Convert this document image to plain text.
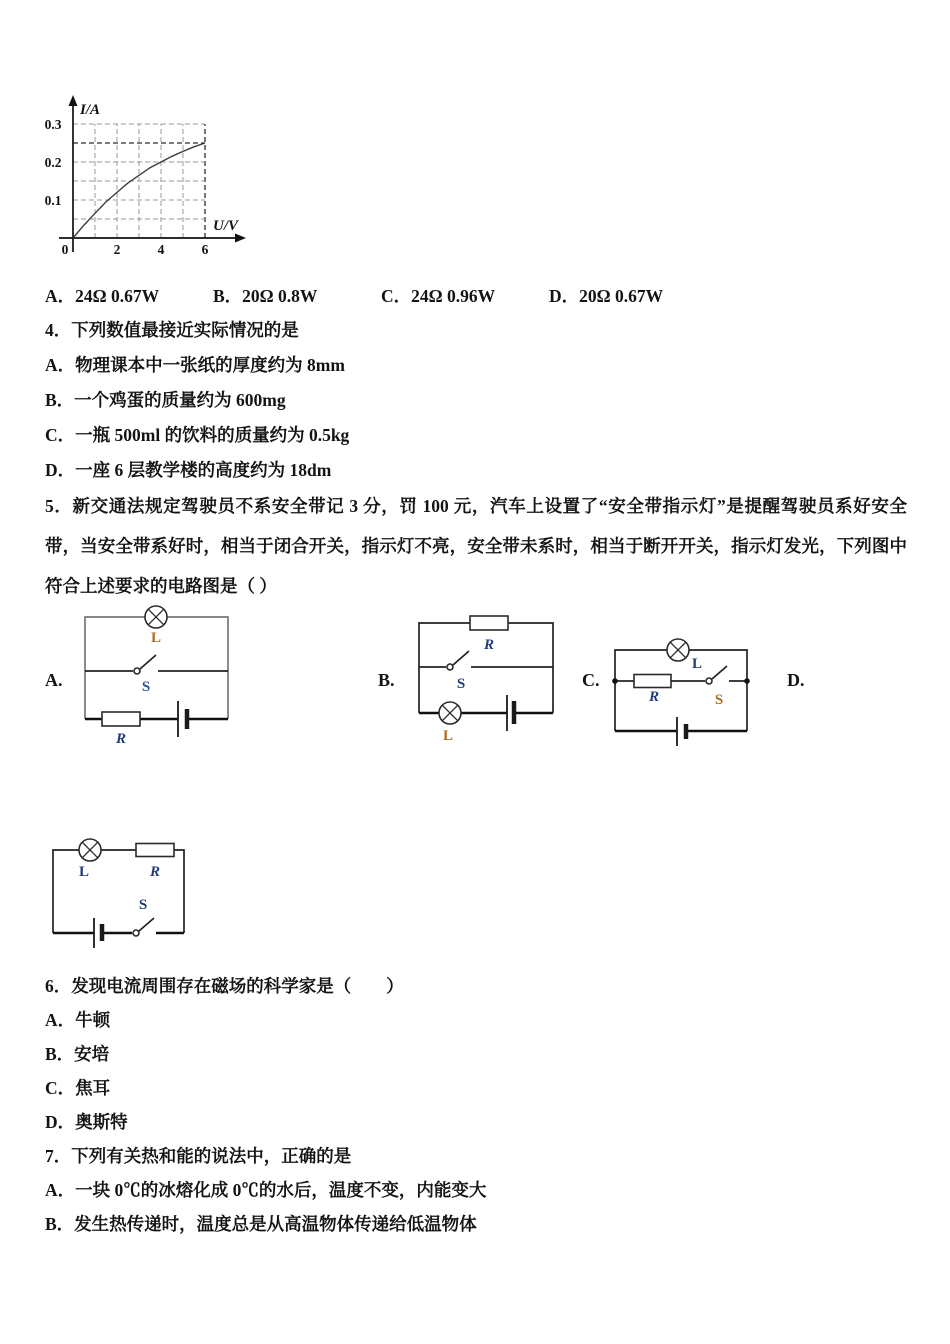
0	2	4	6
0.1
0.2
0.3
I/A
U/V
A．24Ω 0.67W	B．20Ω 0.8W	C．24Ω 0.96W	D．20Ω 0.67W
4．下列数值最接近实际情况的是
A．物理课本中一张纸的厚度约为 8mm
B．一个鸡蛋的质量约为 600mg
C．一瓶 500ml 的饮料的质量约为 0.5kg
D．一座 6 层教学楼的高度约为 18dm
5．新交通法规定驾驶员不系安全带记 3 分，罚 100 元，汽车上设置了“安全带指示灯”是提醒驾驶员系好安全带，当安全带系好时，相当于闭合开关，指示灯不亮，安全带未系时，相当于断开开关，指示灯发光，下列图中符合上述要求的电路图是（ ）
A.	B.	C.	D.
L
S
R
R
S
L
L
R	S
L	R
S
6．发现电流周围存在磁场的科学家是（　　）
A．牛顿
B．安培
C．焦耳
D．奥斯特
7．下列有关热和能的说法中，正确的是
A．一块 0℃的冰熔化成 0℃的水后，温度不变，内能变大
B．发生热传递时，温度总是从高温物体传递给低温物体
